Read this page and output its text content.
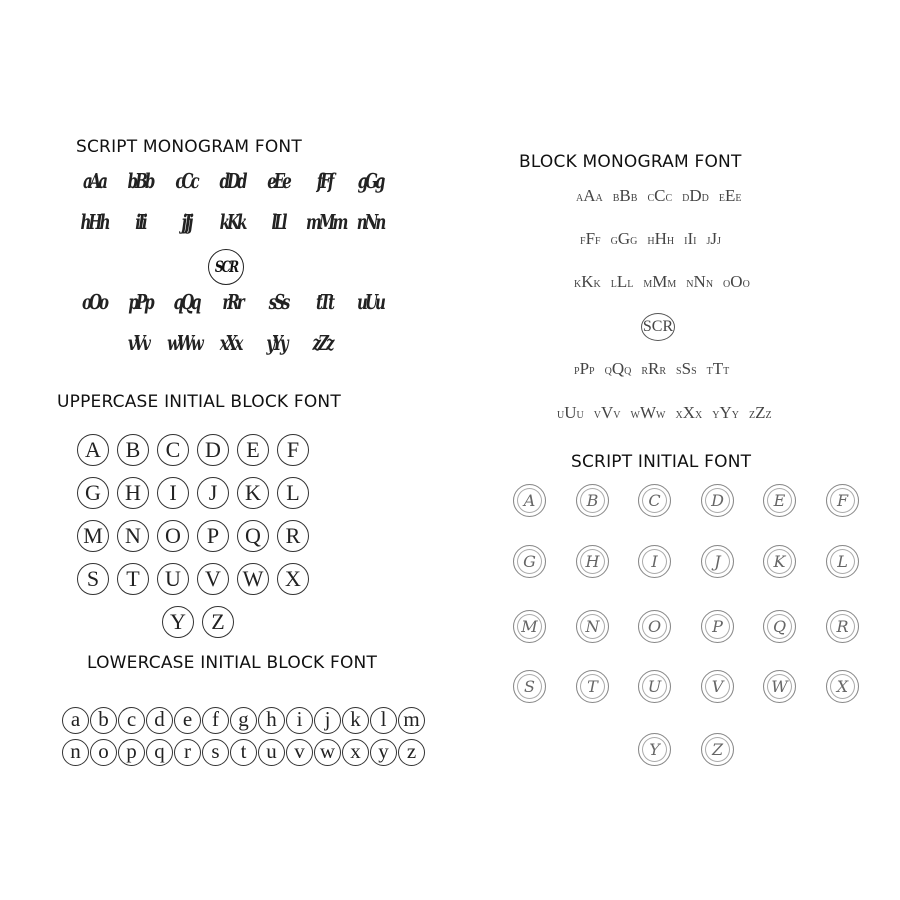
SCRIPT MONOGRAM FONT
UPPERCASE INITIAL BLOCK FONT
LOWERCASE INITIAL BLOCK FONT
BLOCK MONOGRAM FONT
SCRIPT INITIAL FONT
aAa	bBb	cCc	dDd	eEe	fFf	gGg
hHh	iIi	jJj	kKk	lLl	mMm nNn
oOo	pPp	qQq	rRr	sSs	tTt	uUu
vVv	wWw	xXx	yYy	zZz
SCR
A	B	C	D	E	F
G	H	I	J	K	L
M	N	O	P	Q	R
S	T	U	V W X
Y	Z
a b c d e f g h i	j k l m
n o p q r s t u v w x y z
AAA BBB CCC DDD EEE
FFF GGG HHH III JJJ
KKK LLL MMM NNN OOO
PPP QQQ RRR SSS TTT
UUU VVV WWW XXX YYY ZZZ
S C R
A	B	C	D	E	F
G	H	I	J	K	L
M	N	O	P	Q	R
S	T	U	V	W	X
Y	Z
